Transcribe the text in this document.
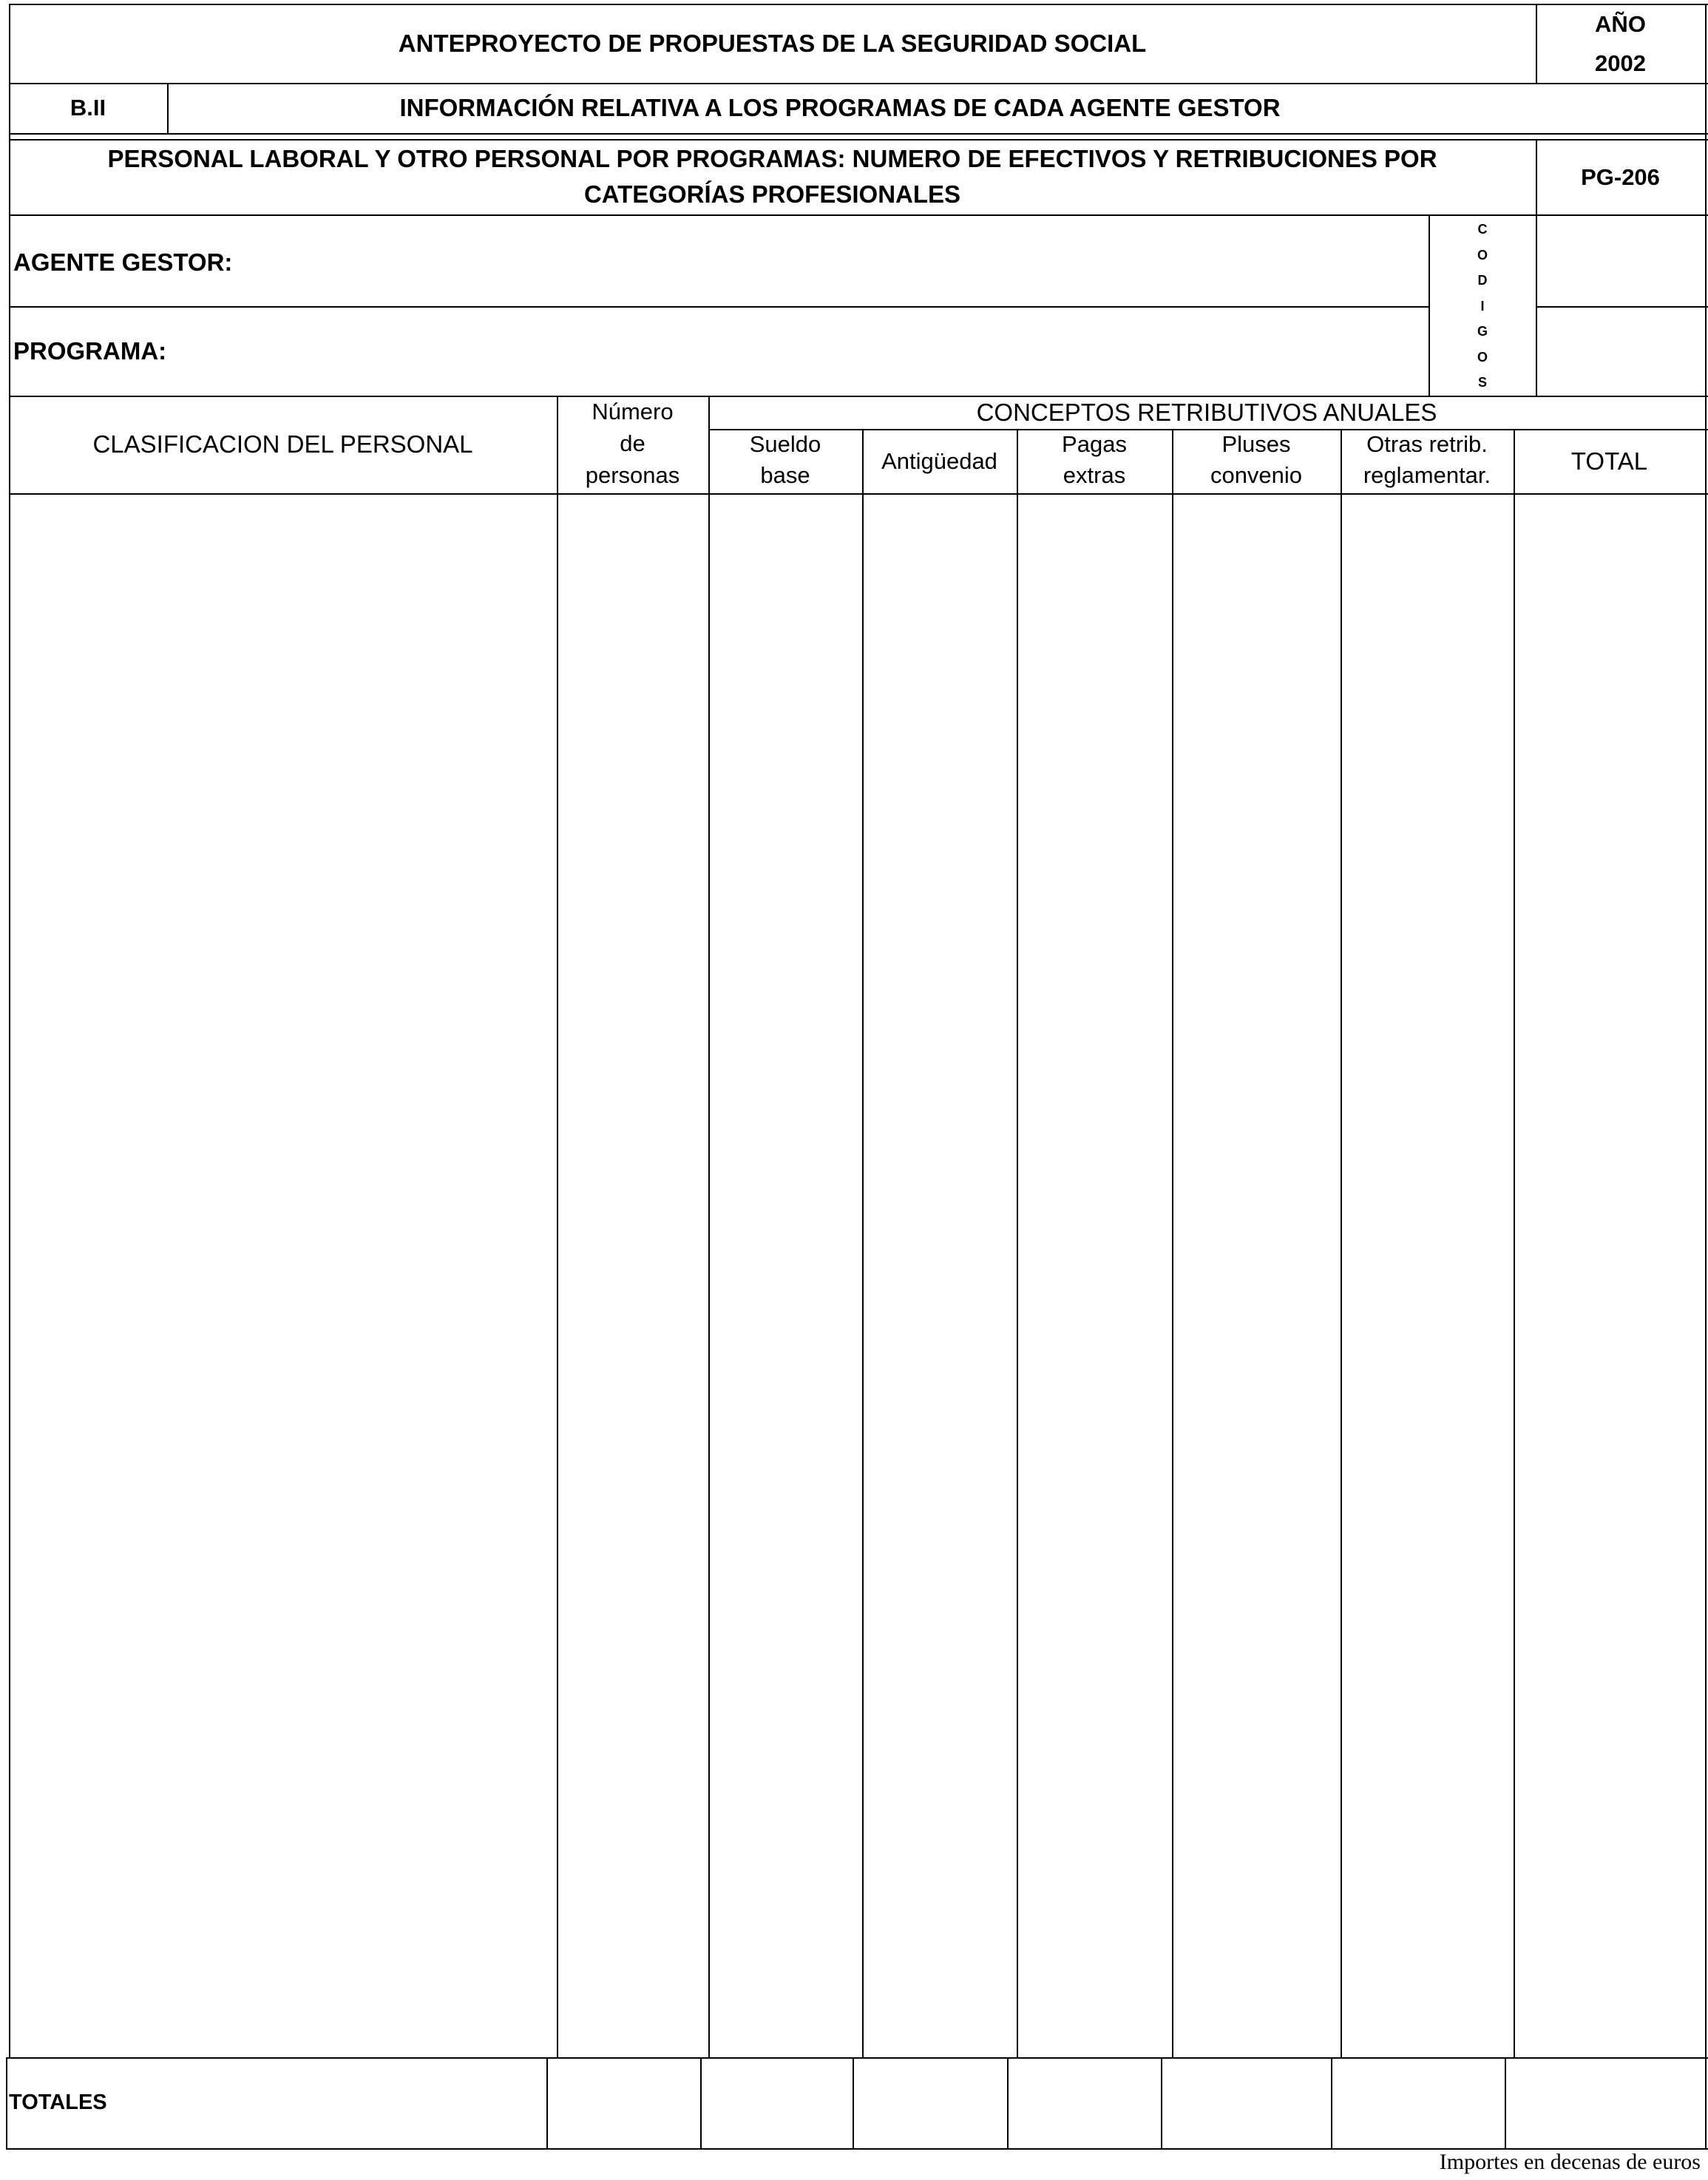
ANTEPROYECTO DE PROPUESTAS DE LA SEGURIDAD SOCIAL
AÑO
2002
B.II	INFORMACIÓN RELATIVA A LOS PROGRAMAS DE CADA AGENTE GESTOR
PERSONAL LABORAL Y OTRO PERSONAL POR PROGRAMAS: NUMERO DE EFECTIVOS Y RETRIBUCIONES POR
CATEGORÍAS PROFESIONALES
PG-206
AGENTE GESTOR:
PROGRAMA:
C
O
D
I
G
O
S
CLASIFICACION DEL PERSONAL
Número
de
personas
CONCEPTOS RETRIBUTIVOS ANUALES
Sueldo
base
Antigüedad
Pagas
extras
Pluses
convenio
Otras retrib.
reglamentar.
TOTAL
TOTALES
Importes en decenas de euros
